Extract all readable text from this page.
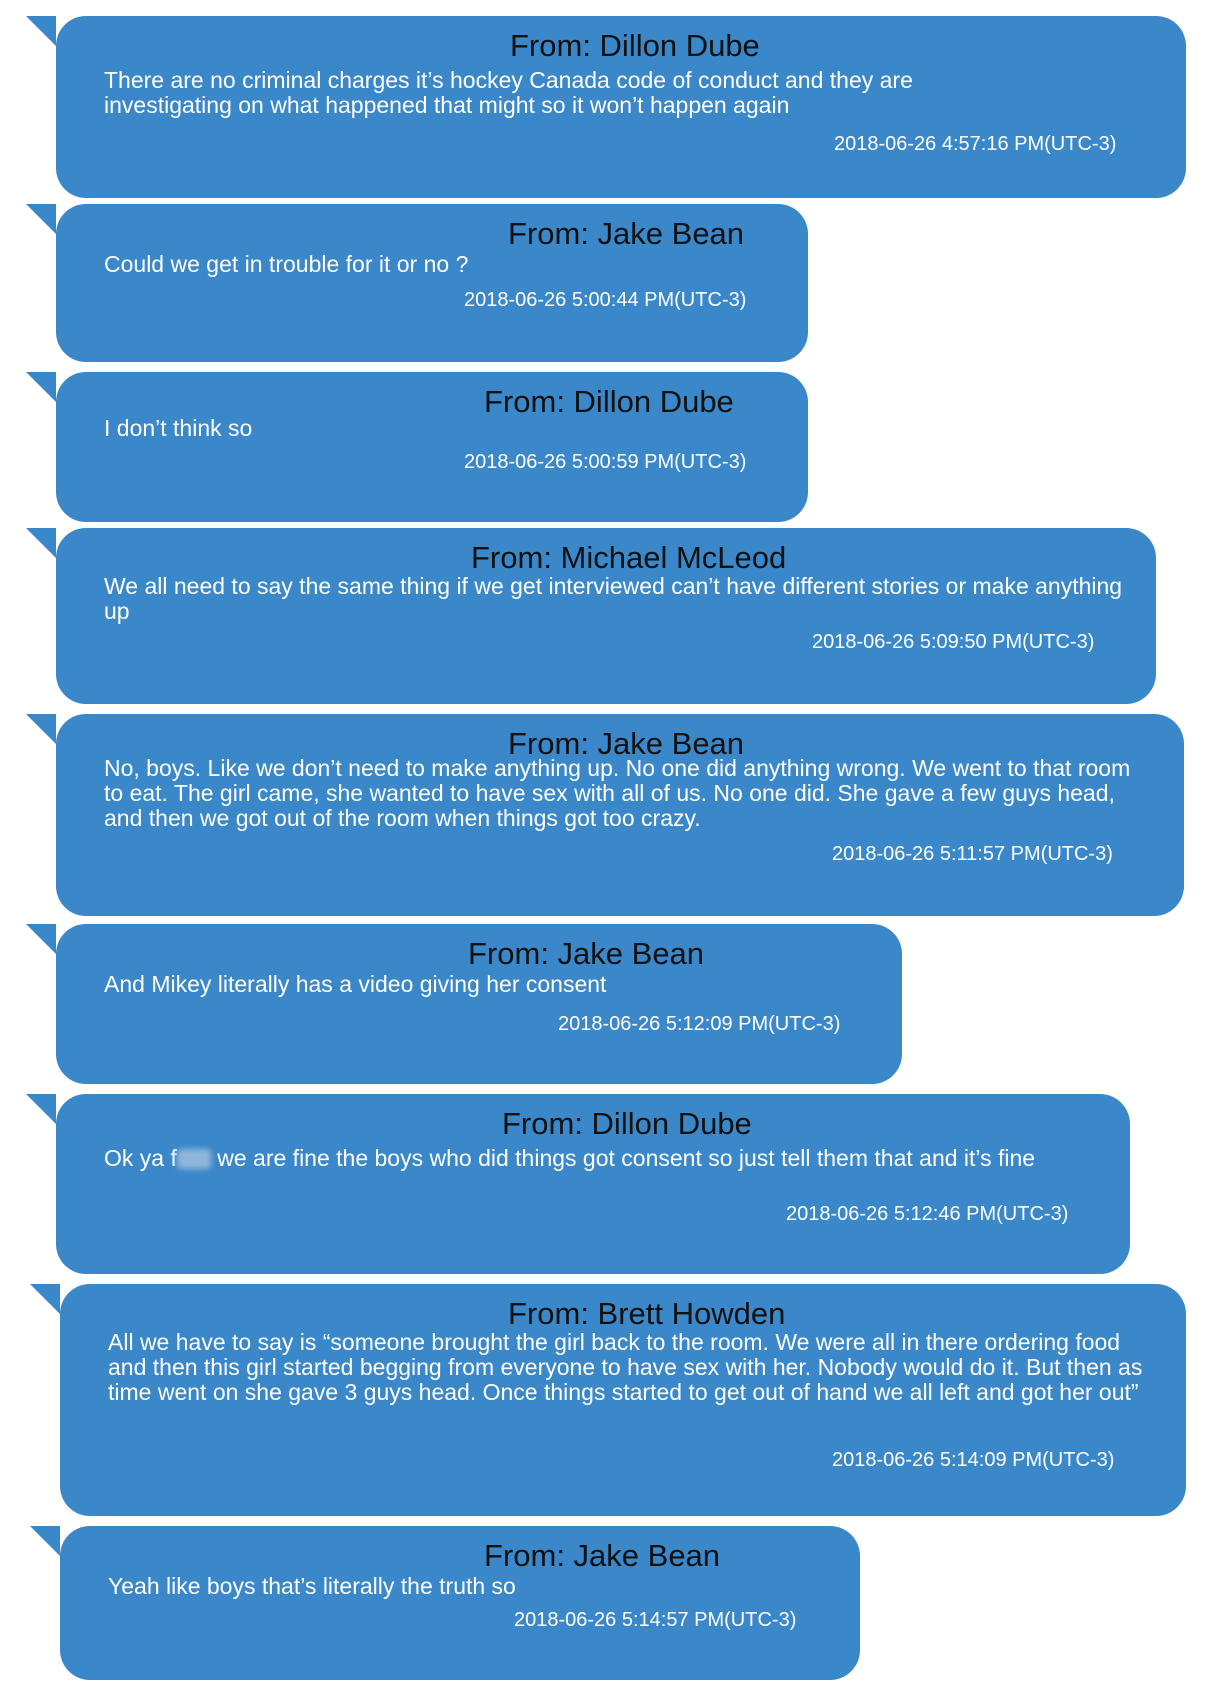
From: Dillon Dube
There are no criminal charges it’s hockey Canada code of conduct and they are investigating on what happened that might so it won’t happen again
2018-06-26 4:57:16 PM(UTC-3)
From: Jake Bean
Could we get in trouble for it or no ?
2018-06-26 5:00:44 PM(UTC-3)
From: Dillon Dube
I don’t think so
2018-06-26 5:00:59 PM(UTC-3)
From: Michael McLeod
We all need to say the same thing if we get interviewed can’t have different stories or make anything up
2018-06-26 5:09:50 PM(UTC-3)
From: Jake Bean
No, boys. Like we don’t need to make anything up. No one did anything wrong. We went to that room to eat. The girl came, she wanted to have sex with all of us. No one did. She gave a few guys head, and then we got out of the room when things got too crazy.
2018-06-26 5:11:57 PM(UTC-3)
From: Jake Bean
And Mikey literally has a video giving her consent
2018-06-26 5:12:09 PM(UTC-3)
From: Dillon Dube
Ok ya f we are fine the boys who did things got consent so just tell them that and it’s fine
2018-06-26 5:12:46 PM(UTC-3)
From: Brett Howden
All we have to say is “someone brought the girl back to the room. We were all in there ordering food and then this girl started begging from everyone to have sex with her. Nobody would do it. But then as time went on she gave 3 guys head. Once things started to get out of hand we all left and got her out”
2018-06-26 5:14:09 PM(UTC-3)
From: Jake Bean
Yeah like boys that’s literally the truth so
2018-06-26 5:14:57 PM(UTC-3)
